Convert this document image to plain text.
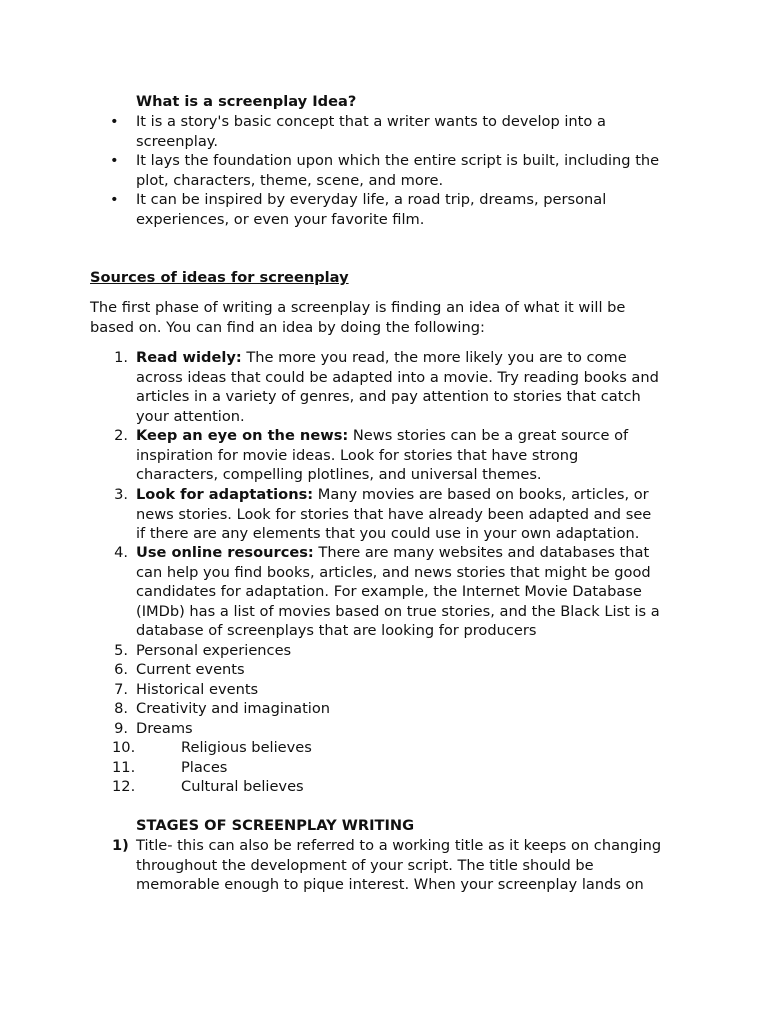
What is a screenplay Idea?
• It is a story's basic concept that a writer wants to develop into a
screenplay.
• It lays the foundation upon which the entire script is built, including the
plot, characters, theme, scene, and more.
• It can be inspired by everyday life, a road trip, dreams, personal
experiences, or even your favorite film.
Sources of ideas for screenplay
The first phase of writing a screenplay is finding an idea of what it will be
based on. You can find an idea by doing the following:
1. Read widely: The more you read, the more likely you are to come
across ideas that could be adapted into a movie. Try reading books and
articles in a variety of genres, and pay attention to stories that catch
your attention.
2. Keep an eye on the news: News stories can be a great source of
inspiration for movie ideas. Look for stories that have strong
characters, compelling plotlines, and universal themes.
3. Look for adaptations: Many movies are based on books, articles, or
news stories. Look for stories that have already been adapted and see
if there are any elements that you could use in your own adaptation.
4. Use online resources: There are many websites and databases that
can help you find books, articles, and news stories that might be good
candidates for adaptation. For example, the Internet Movie Database
(IMDb) has a list of movies based on true stories, and the Black List is a
database of screenplays that are looking for producers
5. Personal experiences
6. Current events
7. Historical events
8. Creativity and imagination
9. Dreams
10.	Religious believes
11.	Places
12.	Cultural believes
STAGES OF SCREENPLAY WRITING
1) Title- this can also be referred to a working title as it keeps on changing
throughout the development of your script. The title should be
memorable enough to pique interest. When your screenplay lands on
